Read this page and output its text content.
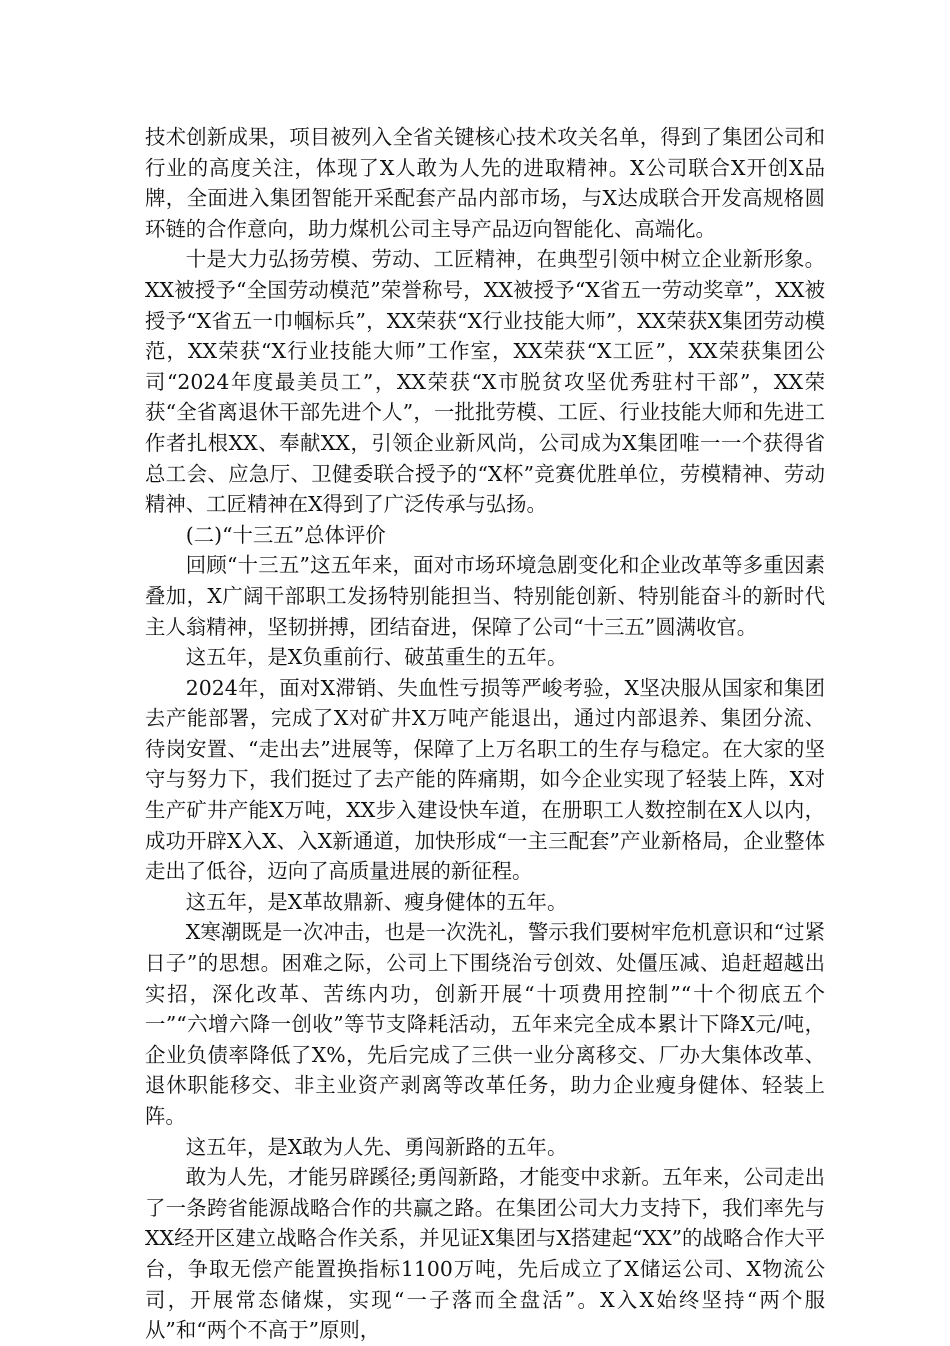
技术创新成果，项目被列入全省关键核心技术攻关名单，得到了集团公司和行业的高度关注，体现了X人敢为人先的进取精神。X公司联合X开创X品牌，全面进入集团智能开采配套产品内部市场，与X达成联合开发高规格圆环链的合作意向，助力煤机公司主导产品迈向智能化、高端化。

十是大力弘扬劳模、劳动、工匠精神，在典型引领中树立企业新形象。XX被授予“全国劳动模范”荣誉称号，XX被授予“X省五一劳动奖章”，XX被授予“X省五一巾帼标兵”，XX荣获“X行业技能大师”，XX荣获X集团劳动模范，XX荣获“X行业技能大师”工作室，XX荣获“X工匠”，XX荣获集团公司“2024年度最美员工”，XX荣获“X市脱贫攻坚优秀驻村干部”，XX荣获“全省离退休干部先进个人”，一批批劳模、工匠、行业技能大师和先进工作者扎根XX、奉献XX，引领企业新风尚，公司成为X集团唯一一个获得省总工会、应急厅、卫健委联合授予的“X杯”竞赛优胜单位，劳模精神、劳动精神、工匠精神在X得到了广泛传承与弘扬。

(二)“十三五”总体评价

回顾“十三五”这五年来，面对市场环境急剧变化和企业改革等多重因素叠加，X广阔干部职工发扬特别能担当、特别能创新、特别能奋斗的新时代主人翁精神，坚韧拼搏，团结奋进，保障了公司“十三五”圆满收官。

这五年，是X负重前行、破茧重生的五年。

2024年，面对X滞销、失血性亏损等严峻考验，X坚决服从国家和集团去产能部署，完成了X对矿井X万吨产能退出，通过内部退养、集团分流、待岗安置、“走出去”进展等，保障了上万名职工的生存与稳定。在大家的坚守与努力下，我们挺过了去产能的阵痛期，如今企业实现了轻装上阵，X对生产矿井产能X万吨，XX步入建设快车道，在册职工人数控制在X人以内，成功开辟X入X、入X新通道，加快形成“一主三配套”产业新格局，企业整体走出了低谷，迈向了高质量进展的新征程。

这五年，是X革故鼎新、瘦身健体的五年。

X寒潮既是一次冲击，也是一次洗礼，警示我们要树牢危机意识和“过紧日子”的思想。困难之际，公司上下围绕治亏创效、处僵压减、追赶超越出实招，深化改革、苦练内功，创新开展“十项费用控制”“十个彻底五个一”“六增六降一创收”等节支降耗活动，五年来完全成本累计下降X元/吨，企业负债率降低了X%，先后完成了三供一业分离移交、厂办大集体改革、退休职能移交、非主业资产剥离等改革任务，助力企业瘦身健体、轻装上阵。

这五年，是X敢为人先、勇闯新路的五年。

敢为人先，才能另辟蹊径;勇闯新路，才能变中求新。五年来，公司走出了一条跨省能源战略合作的共赢之路。在集团公司大力支持下，我们率先与XX经开区建立战略合作关系，并见证X集团与X搭建起“XX”的战略合作大平台，争取无偿产能置换指标1100万吨，先后成立了X储运公司、X物流公司，开展常态储煤，实现“一子落而全盘活”。X入X始终坚持“两个服从”和“两个不高于”原则，
